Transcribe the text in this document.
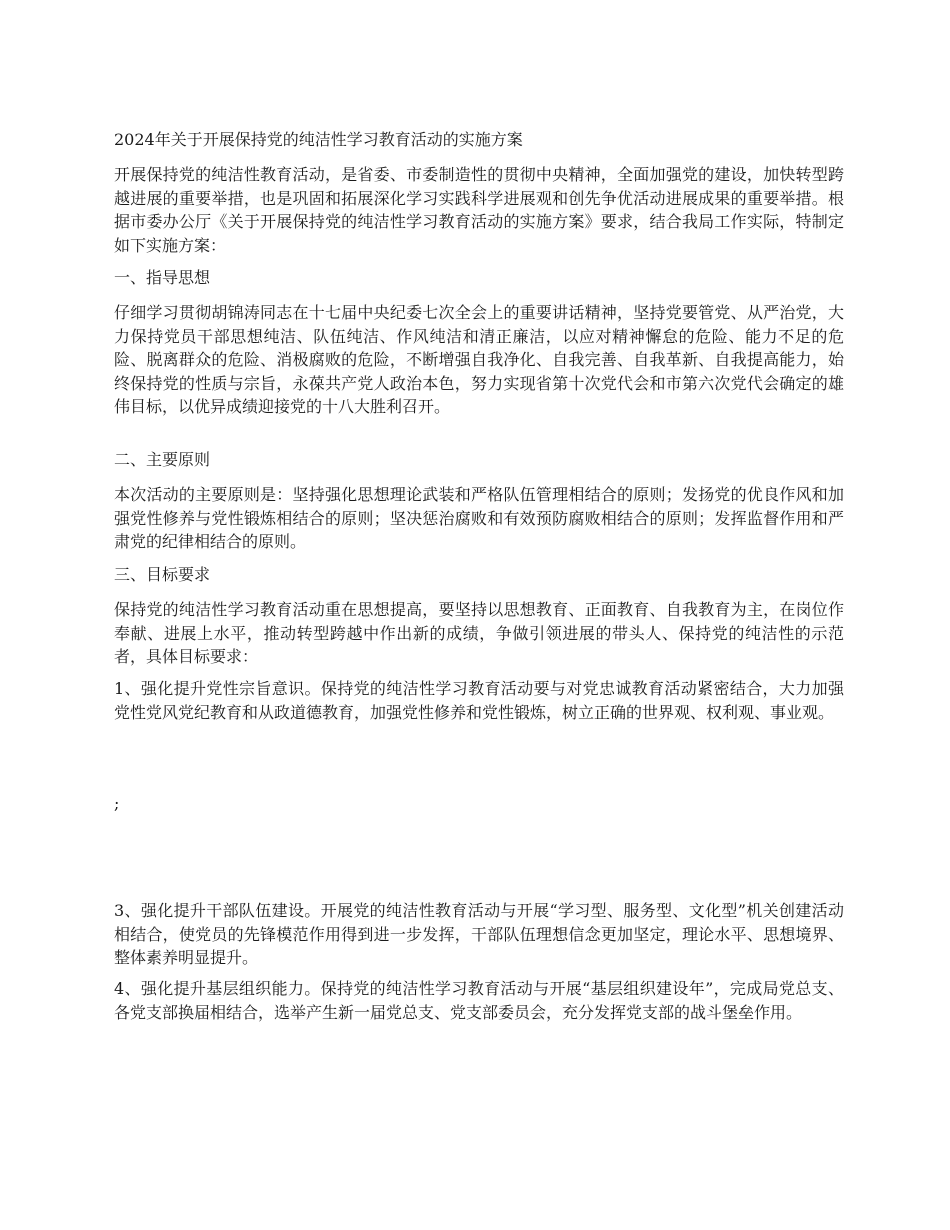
2024年关于开展保持党的纯洁性学习教育活动的实施方案

开展保持党的纯洁性教育活动，是省委、市委制造性的贯彻中央精神，全面加强党的建设，加快转型跨越进展的重要举措，也是巩固和拓展深化学习实践科学进展观和创先争优活动进展成果的重要举措。根据市委办公厅《关于开展保持党的纯洁性学习教育活动的实施方案》要求，结合我局工作实际，特制定如下实施方案：

一、指导思想

仔细学习贯彻胡锦涛同志在十七届中央纪委七次全会上的重要讲话精神，坚持党要管党、从严治党，大力保持党员干部思想纯洁、队伍纯洁、作风纯洁和清正廉洁，以应对精神懈怠的危险、能力不足的危险、脱离群众的危险、消极腐败的危险，不断增强自我净化、自我完善、自我革新、自我提高能力，始终保持党的性质与宗旨，永葆共产党人政治本色，努力实现省第十次党代会和市第六次党代会确定的雄伟目标，以优异成绩迎接党的十八大胜利召开。

二、主要原则

本次活动的主要原则是：坚持强化思想理论武装和严格队伍管理相结合的原则；发扬党的优良作风和加强党性修养与党性锻炼相结合的原则；坚决惩治腐败和有效预防腐败相结合的原则；发挥监督作用和严肃党的纪律相结合的原则。

三、目标要求

保持党的纯洁性学习教育活动重在思想提高，要坚持以思想教育、正面教育、自我教育为主，在岗位作奉献、进展上水平，推动转型跨越中作出新的成绩，争做引领进展的带头人、保持党的纯洁性的示范者，具体目标要求：

1、强化提升党性宗旨意识。保持党的纯洁性学习教育活动要与对党忠诚教育活动紧密结合，大力加强党性党风党纪教育和从政道德教育，加强党性修养和党性锻炼，树立正确的世界观、权利观、事业观。

;

3、强化提升干部队伍建设。开展党的纯洁性教育活动与开展“学习型、服务型、文化型”机关创建活动相结合，使党员的先锋模范作用得到进一步发挥，干部队伍理想信念更加坚定，理论水平、思想境界、整体素养明显提升。

4、强化提升基层组织能力。保持党的纯洁性学习教育活动与开展“基层组织建设年”，完成局党总支、各党支部换届相结合，选举产生新一届党总支、党支部委员会，充分发挥党支部的战斗堡垒作用。
